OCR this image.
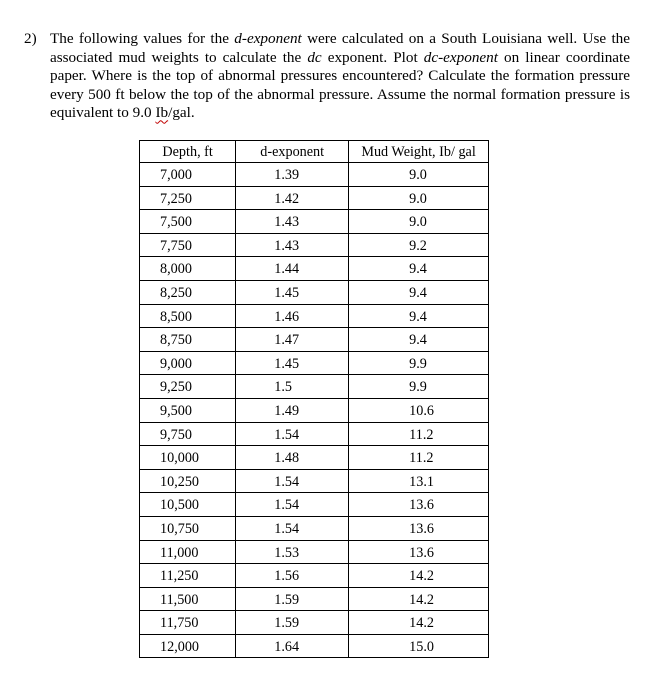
2) The following values for the d-exponent were calculated on a South Louisiana well. Use the associated mud weights to calculate the dc exponent. Plot dc-exponent on linear coordinate paper. Where is the top of abnormal pressures encountered? Calculate the formation pressure every 500 ft below the top of the abnormal pressure. Assume the normal formation pressure is equivalent to 9.0 Ib/gal.
Depth, ft	d-exponent	Mud Weight, Ib/ gal
7,000	1.39	9.0
7,250	1.42	9.0
7,500	1.43	9.0
7,750	1.43	9.2
8,000	1.44	9.4
8,250	1.45	9.4
8,500	1.46	9.4
8,750	1.47	9.4
9,000	1.45	9.9
9,250	1.5	9.9
9,500	1.49	10.6
9,750	1.54	11.2
10,000	1.48	11.2
10,250	1.54	13.1
10,500	1.54	13.6
10,750	1.54	13.6
11,000	1.53	13.6
11,250	1.56	14.2
11,500	1.59	14.2
11,750	1.59	14.2
12,000	1.64	15.0
